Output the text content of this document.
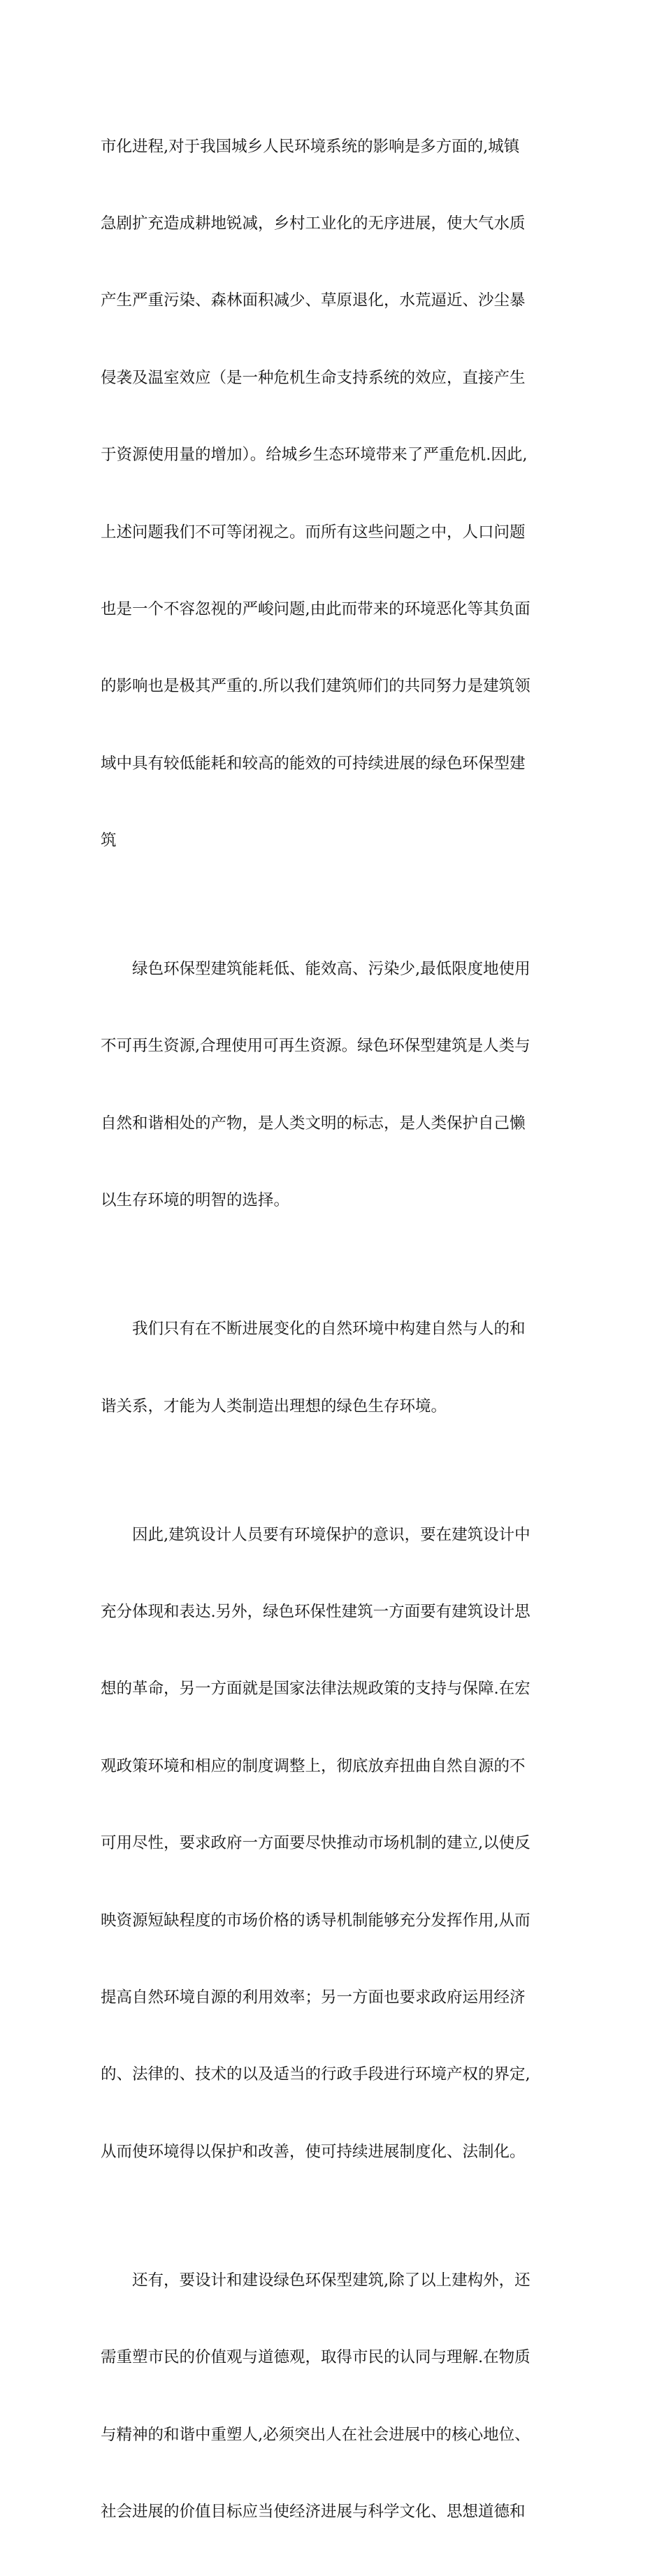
市化进程,对于我国城乡人民环境系统的影响是多方面的,城镇

急剧扩充造成耕地锐减，乡村工业化的无序进展，使大气水质

产生严重污染、森林面积减少、草原退化，水荒逼近、沙尘暴

侵袭及温室效应（是一种危机生命支持系统的效应，直接产生

于资源使用量的增加）。给城乡生态环境带来了严重危机.因此,

上述问题我们不可等闭视之。而所有这些问题之中，人口问题

也是一个不容忽视的严峻问题,由此而带来的环境恶化等其负面

的影响也是极其严重的.所以我们建筑师们的共同努力是建筑领

域中具有较低能耗和较高的能效的可持续进展的绿色环保型建

筑

　　绿色环保型建筑能耗低、能效高、污染少,最低限度地使用

不可再生资源,合理使用可再生资源。绿色环保型建筑是人类与

自然和谐相处的产物，是人类文明的标志，是人类保护自己懒

以生存环境的明智的选择。

　　我们只有在不断进展变化的自然环境中构建自然与人的和

谐关系，才能为人类制造出理想的绿色生存环境。

　　因此,建筑设计人员要有环境保护的意识，要在建筑设计中

充分体现和表达.另外，绿色环保性建筑一方面要有建筑设计思

想的革命，另一方面就是国家法律法规政策的支持与保障.在宏

观政策环境和相应的制度调整上，彻底放弃扭曲自然自源的不

可用尽性，要求政府一方面要尽快推动市场机制的建立,以使反

映资源短缺程度的市场价格的诱导机制能够充分发挥作用,从而

提高自然环境自源的利用效率；另一方面也要求政府运用经济

的、法律的、技术的以及适当的行政手段进行环境产权的界定,

从而使环境得以保护和改善，使可持续进展制度化、法制化。

　　还有，要设计和建设绿色环保型建筑,除了以上建构外，还

需重塑市民的价值观与道德观，取得市民的认同与理解.在物质

与精神的和谐中重塑人,必须突出人在社会进展中的核心地位、

社会进展的价值目标应当使经济进展与科学文化、思想道德和
